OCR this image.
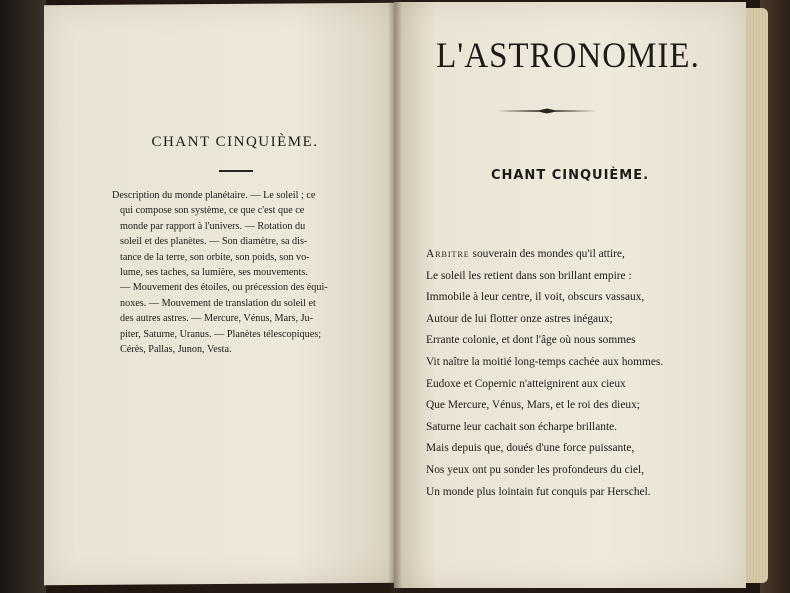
CHANT CINQUIÈME.
Description du monde planétaire. — Le soleil ; ce
qui compose son système, ce que c'est que ce
monde par rapport à l'univers. — Rotation du
soleil et des planètes. — Son diamètre, sa dis-
tance de la terre, son orbite, son poids, son vo-
lume, ses taches, sa lumière, ses mouvements.
— Mouvement des étoiles, ou précession des équi-
noxes. — Mouvement de translation du soleil et
des autres astres. — Mercure, Vénus, Mars, Ju-
piter, Saturne, Uranus. — Planètes télescopiques;
Cérès, Pallas, Junon, Vesta.
L'ASTRONOMIE.
CHANT CINQUIÈME.
Arbitre souverain des mondes qu'il attire,
Le soleil les retient dans son brillant empire :
Immobile à leur centre, il voit, obscurs vassaux,
Autour de lui flotter onze astres inégaux;
Errante colonie, et dont l'âge où nous sommes
Vit naître la moitié long-temps cachée aux hommes.
Eudoxe et Copernic n'atteignirent aux cieux
Que Mercure, Vénus, Mars, et le roi des dieux;
Saturne leur cachait son écharpe brillante.
Mais depuis que, doués d'une force puissante,
Nos yeux ont pu sonder les profondeurs du ciel,
Un monde plus lointain fut conquis par Herschel.
